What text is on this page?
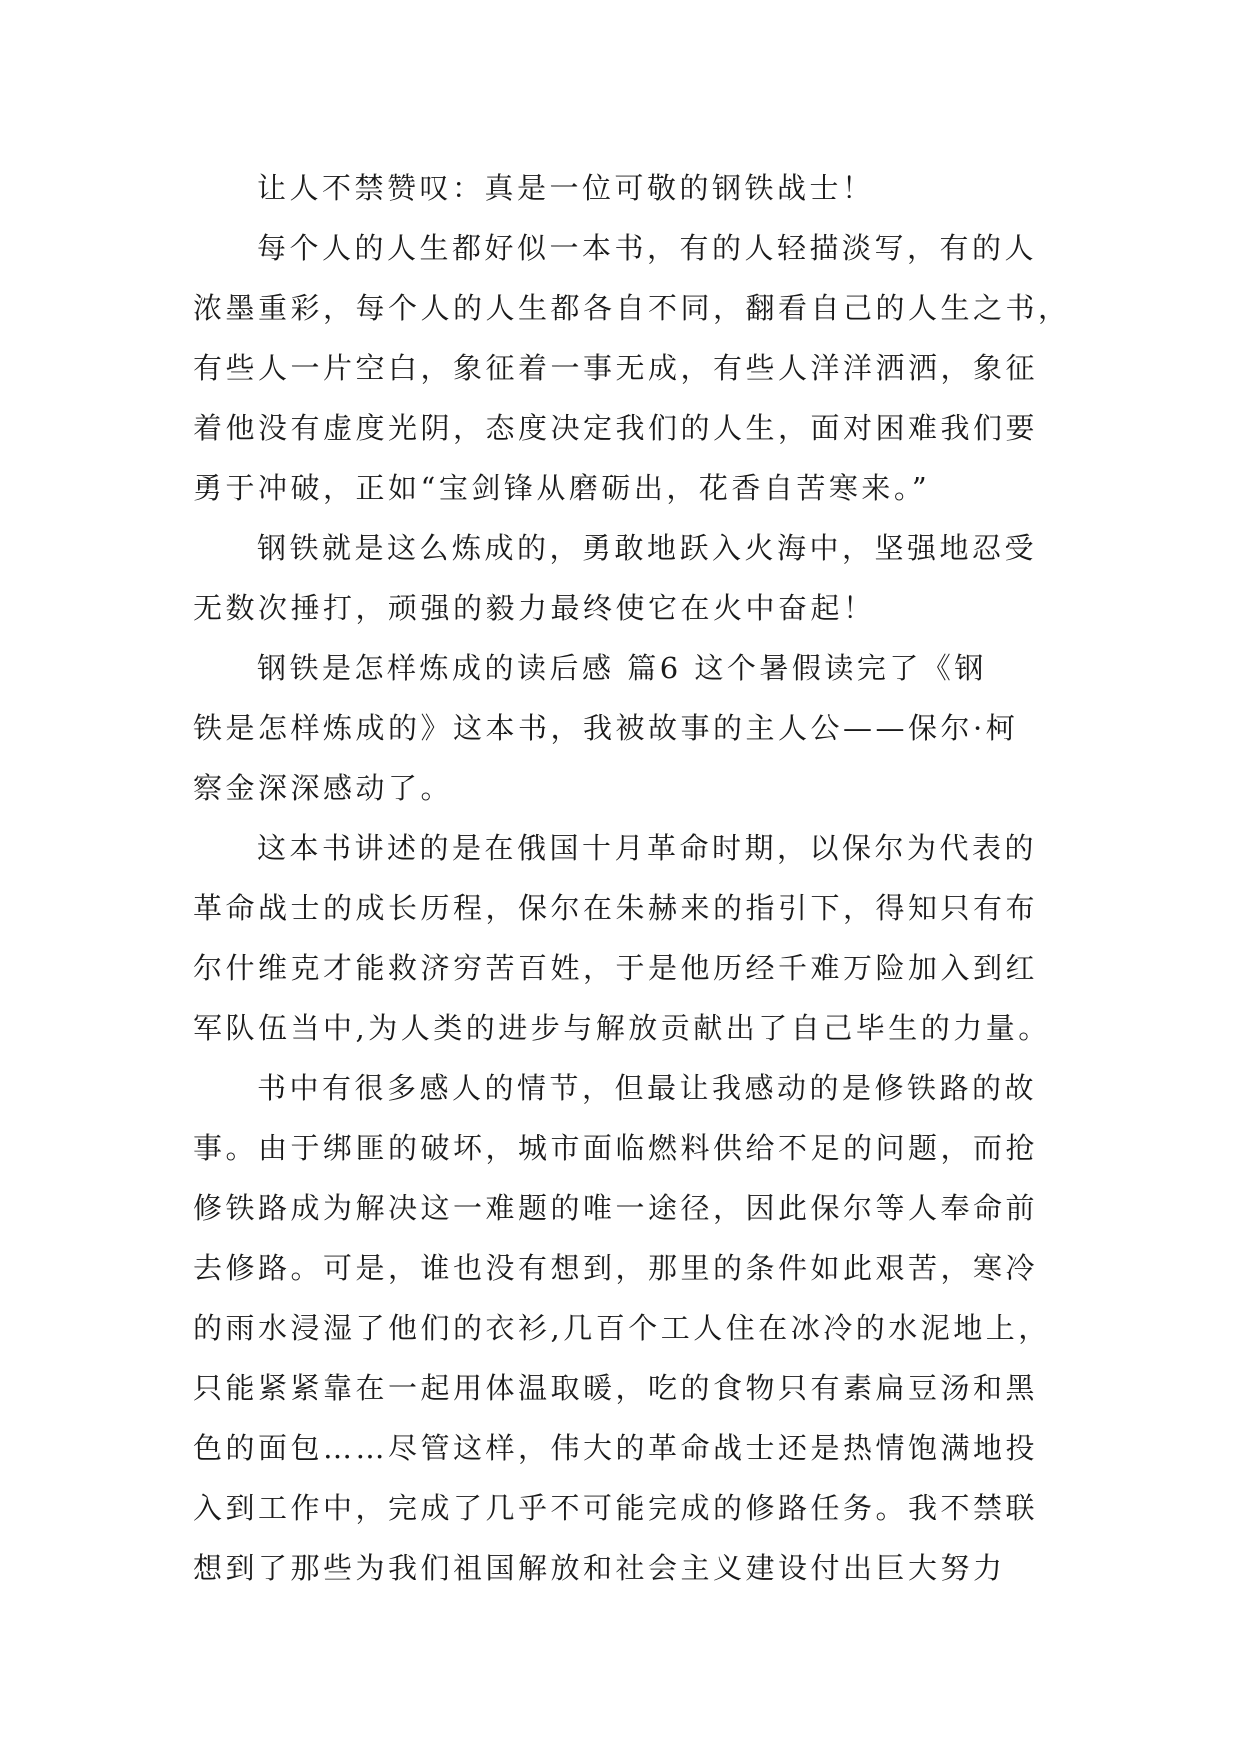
让人不禁赞叹：真是一位可敬的钢铁战士！
每个人的人生都好似一本书，有的人轻描淡写，有的人
浓墨重彩，每个人的人生都各自不同，翻看自己的人生之书，
有些人一片空白，象征着一事无成，有些人洋洋洒洒，象征
着他没有虚度光阴，态度决定我们的人生，面对困难我们要
勇于冲破，正如“宝剑锋从磨砺出，花香自苦寒来。”
钢铁就是这么炼成的，勇敢地跃入火海中，坚强地忍受
无数次捶打，顽强的毅力最终使它在火中奋起！
钢铁是怎样炼成的读后感 篇6 这个暑假读完了《钢
铁是怎样炼成的》这本书，我被故事的主人公——保尔·柯
察金深深感动了。
这本书讲述的是在俄国十月革命时期，以保尔为代表的
革命战士的成长历程，保尔在朱赫来的指引下，得知只有布
尔什维克才能救济穷苦百姓，于是他历经千难万险加入到红
军队伍当中,为人类的进步与解放贡献出了自己毕生的力量。
书中有很多感人的情节，但最让我感动的是修铁路的故
事。由于绑匪的破坏，城市面临燃料供给不足的问题，而抢
修铁路成为解决这一难题的唯一途径，因此保尔等人奉命前
去修路。可是，谁也没有想到，那里的条件如此艰苦，寒冷
的雨水浸湿了他们的衣衫,几百个工人住在冰冷的水泥地上，
只能紧紧靠在一起用体温取暖，吃的食物只有素扁豆汤和黑
色的面包……尽管这样，伟大的革命战士还是热情饱满地投
入到工作中，完成了几乎不可能完成的修路任务。我不禁联
想到了那些为我们祖国解放和社会主义建设付出巨大努力
